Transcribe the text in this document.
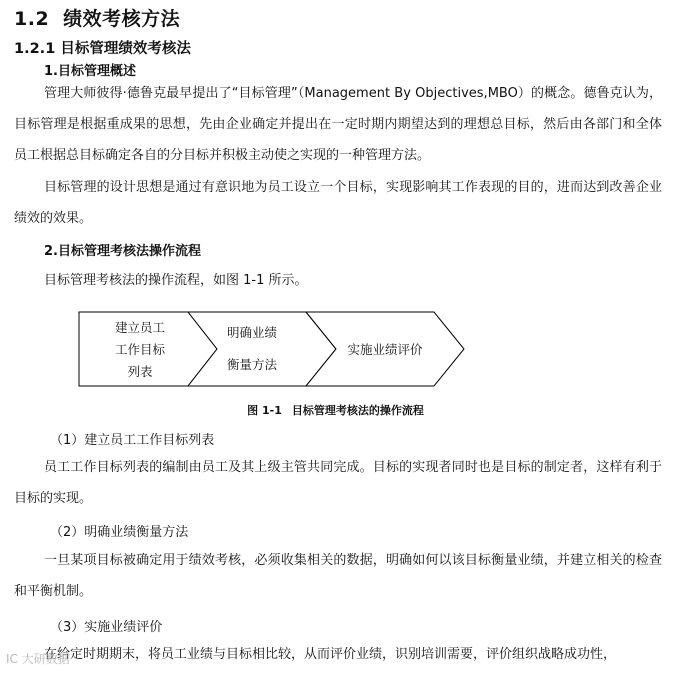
1.2 绩效考核方法
1.2.1 目标管理绩效考核法
1.目标管理概述

管理大师彼得·德鲁克最早提出了“目标管理”（Management By Objectives,MBO）的概念。德鲁克认为，目标管理是根据重成果的思想，先由企业确定并提出在一定时期内期望达到的理想总目标，然后由各部门和全体员工根据总目标确定各自的分目标并积极主动使之实现的一种管理方法。

目标管理的设计思想是通过有意识地为员工设立一个目标，实现影响其工作表现的目的，进而达到改善企业绩效的效果。

2.目标管理考核法操作流程

目标管理考核法的操作流程，如图 1-1 所示。

建立员工
工作目标
列表
明确业绩
衡量方法
实施业绩评价
图 1-1 目标管理考核法的操作流程
（1）建立员工工作目标列表

员工工作目标列表的编制由员工及其上级主管共同完成。目标的实现者同时也是目标的制定者，这样有利于目标的实现。

（2）明确业绩衡量方法

一旦某项目标被确定用于绩效考核，必须收集相关的数据，明确如何以该目标衡量业绩，并建立相关的检查和平衡机制。

（3）实施业绩评价

在给定时期期末，将员工业绩与目标相比较，从而评价业绩，识别培训需要，评价组织战略成功性，

IC 大研数据
